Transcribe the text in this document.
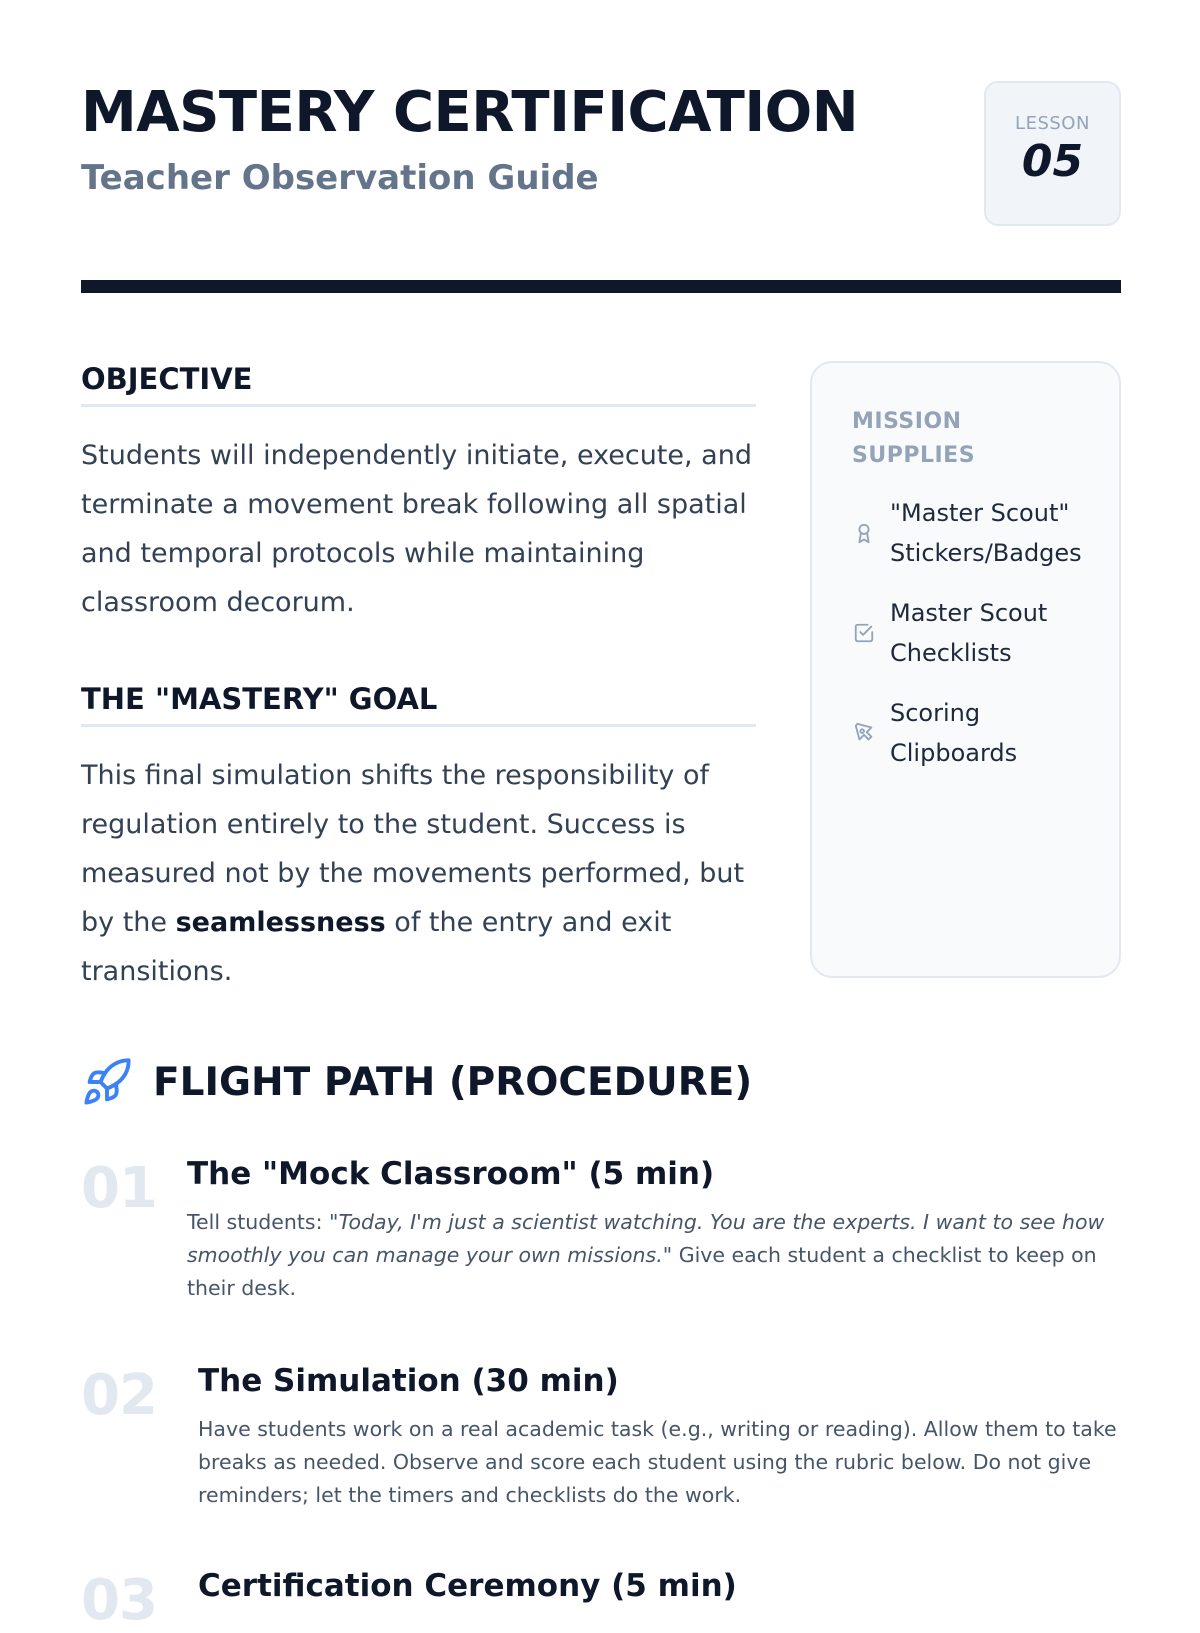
MASTERY CERTIFICATION
Teacher Observation Guide
LESSON
05
OBJECTIVE

Students will independently initiate, execute, and terminate a movement break following all spatial and temporal protocols while maintaining classroom decorum.

THE "MASTERY" GOAL

This final simulation shifts the responsibility of regulation entirely to the student. Success is measured not by the movements performed, but by the seamlessness of the entry and exit transitions.

MISSION
SUPPLIES
"Master Scout" Stickers/Badges
Master Scout Checklists
Scoring Clipboards
FLIGHT PATH (PROCEDURE)
01 The "Mock Classroom" (5 min)

Tell students: "Today, I'm just a scientist watching. You are the experts. I want to see how smoothly you can manage your own missions." Give each student a checklist to keep on their desk.

02 The Simulation (30 min)

Have students work on a real academic task (e.g., writing or reading). Allow them to take breaks as needed. Observe and score each student using the rubric below. Do not give reminders; let the timers and checklists do the work.

03 Certification Ceremony (5 min)
